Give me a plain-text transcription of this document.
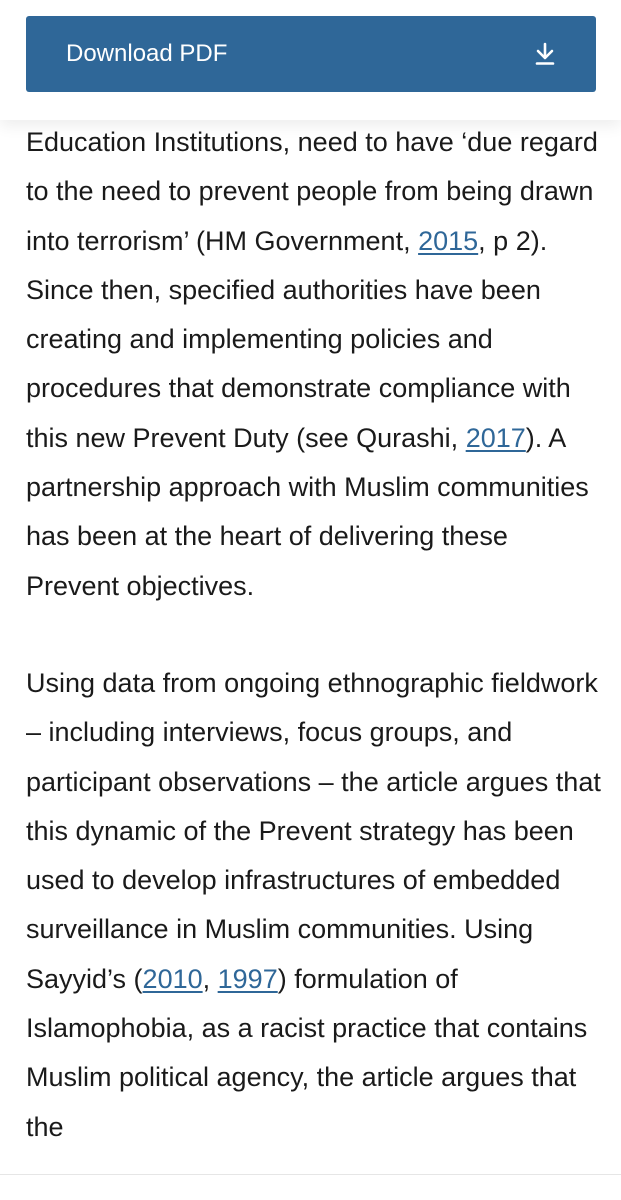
Download PDF

Education Institutions, need to have ‘due regard to the need to prevent people from being drawn into terrorism’ (HM Government, 2015, p 2). Since then, specified authorities have been creating and implementing policies and procedures that demonstrate compliance with this new Prevent Duty (see Qurashi, 2017). A partnership approach with Muslim communities has been at the heart of delivering these Prevent objectives.

Using data from ongoing ethnographic fieldwork – including interviews, focus groups, and participant observations – the article argues that this dynamic of the Prevent strategy has been used to develop infrastructures of embedded surveillance in Muslim communities. Using Sayyid’s (2010, 1997) formulation of Islamophobia, as a racist practice that contains Muslim political agency, the article argues that the
